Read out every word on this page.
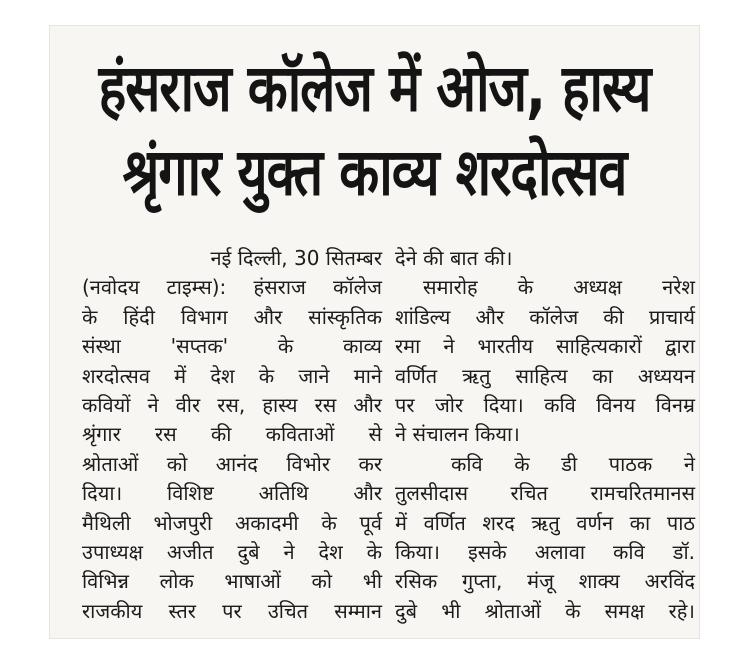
हंसराज कॉलेज में ओज, हास्य
श्रृंगार युक्त काव्य शरदोत्सव
नई दिल्ली, 30 सितम्बर
(नवोदय टाइम्स): हंसराज कॉलेज
के हिंदी विभाग और सांस्कृतिक
संस्था 'सप्तक' के काव्य
शरदोत्सव में देश के जाने माने
कवियों ने वीर रस, हास्य रस और
श्रृंगार रस की कविताओं से
श्रोताओं को आनंद विभोर कर
दिया। विशिष्ट अतिथि और
मैथिली भोजपुरी अकादमी के पूर्व
उपाध्यक्ष अजीत दुबे ने देश के
विभिन्न लोक भाषाओं को भी
राजकीय स्तर पर उचित सम्मान
देने की बात की।
समारोह के अध्यक्ष नरेश
शांडिल्य और कॉलेज की प्राचार्य
रमा ने भारतीय साहित्यकारों द्वारा
वर्णित ऋतु साहित्य का अध्ययन
पर जोर दिया। कवि विनय विनम्र
ने संचालन किया।
कवि के डी पाठक ने
तुलसीदास रचित रामचरितमानस
में वर्णित शरद ऋतु वर्णन का पाठ
किया। इसके अलावा कवि डॉ.
रसिक गुप्ता, मंजू शाक्य अरविंद
दुबे भी श्रोताओं के समक्ष रहे।
